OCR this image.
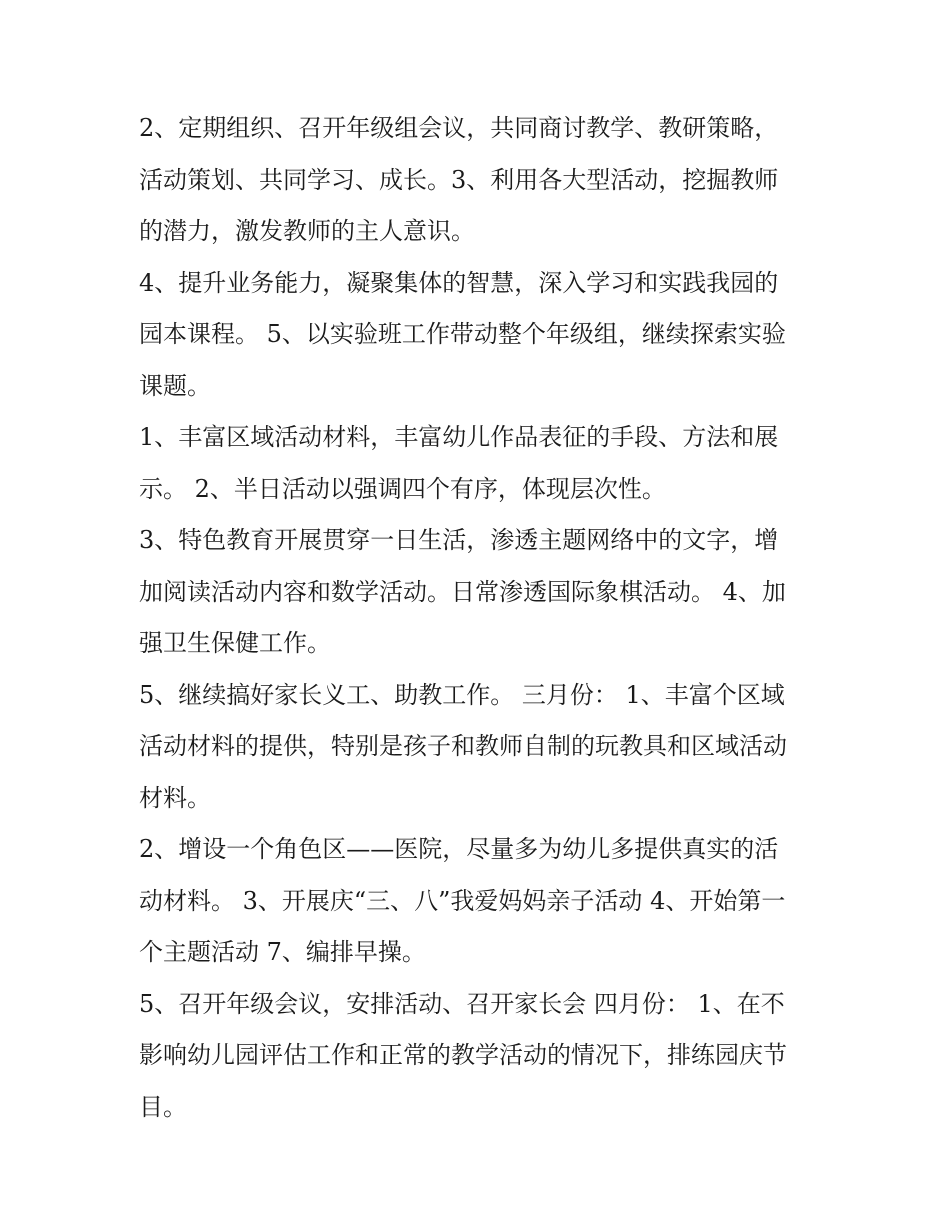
2、定期组织、召开年级组会议，共同商讨教学、教研策略，
活动策划、共同学习、成长。3、利用各大型活动，挖掘教师
的潜力，激发教师的主人意识。

4、提升业务能力，凝聚集体的智慧，深入学习和实践我园的
园本课程。 5、以实验班工作带动整个年级组，继续探索实验
课题。

1、丰富区域活动材料，丰富幼儿作品表征的手段、方法和展
示。 2、半日活动以强调四个有序，体现层次性。

3、特色教育开展贯穿一日生活，渗透主题网络中的文字，增
加阅读活动内容和数学活动。日常渗透国际象棋活动。 4、加
强卫生保健工作。

5、继续搞好家长义工、助教工作。 三月份： 1、丰富个区域
活动材料的提供，特别是孩子和教师自制的玩教具和区域活动
材料。

2、增设一个角色区——医院，尽量多为幼儿多提供真实的活
动材料。 3、开展庆“三、八”我爱妈妈亲子活动 4、开始第一
个主题活动 7、编排早操。

5、召开年级会议，安排活动、召开家长会 四月份： 1、在不
影响幼儿园评估工作和正常的教学活动的情况下，排练园庆节
目。
